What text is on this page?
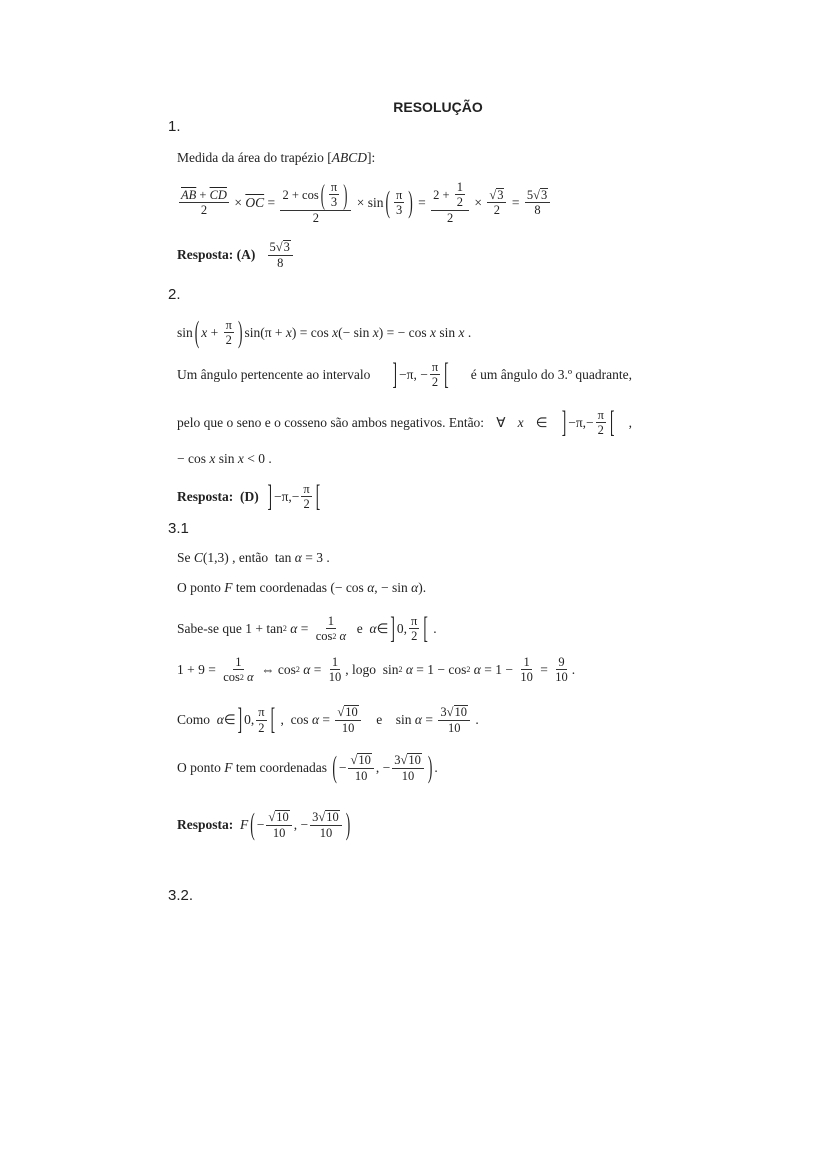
RESOLUÇÃO
1.
Medida da área do trapézio [ ABCD ]:
$\frac{\overline{AB} + \overline{CD}}{2} \times \overline{OC} = \frac{2 + \cos ( \frac{\pi}{3} )}{2} \times \sin$ ( $\frac{\pi}{3}$ ) = $\frac{2 + \frac{1}{2}}{2} \times \frac{√ 3}{2} = \frac{5 √ 3}{8}$
Resposta: (A)
$\frac{5 √ 3}{8}$
2.
sin ( $x + \frac{\pi}{2}$ ) sin(π + x ) = cos x (− sin x ) = − cos x sin x .
Um ângulo pertencente ao intervalo ] −π, − $\frac{\pi}{2}$ [ é um ângulo do 3.º quadrante,
pelo que o seno e o cosseno são ambos negativos. Então: ∀ x ∈ ] $-\pi,- \frac{\pi}{2}$ [ ,
− cos x sin x < 0 .
Resposta:  (D)
] $-\pi,- \frac{\pi}{2}$ [
3.1
Se C (1,3) , então  tan α = 3 .
O ponto F tem coordenadas (− cos α , − sin α ).
Sabe-se que 1 + tan 2
α = 1
cos 2
α e α ∈ ] 0, $\frac{\pi}{2}$ [ .
1 + 9 = 1
cos 2
α ⇔ cos 2
$\alpha = \frac{1}{10}$ , logo  sin 2
α = 1 − cos 2
$\alpha = 1 - \frac{1}{10} = \frac{9}{10}$ .
Como α ∈ ] 0, $\frac{\pi}{2}$ [ ,  $\cos \alpha = \frac{√ 10}{10}$ e    $\sin \alpha = \frac{3 √ 10}{10}$ .
O ponto F tem coordenadas ( − $\frac{√ 10}{10}$ , − $\frac{3 √ 10}{10}$ ) .
Resposta:
F ( − $\frac{√ 10}{10}$ , − $\frac{3 √ 10}{10}$ )
3.2.
